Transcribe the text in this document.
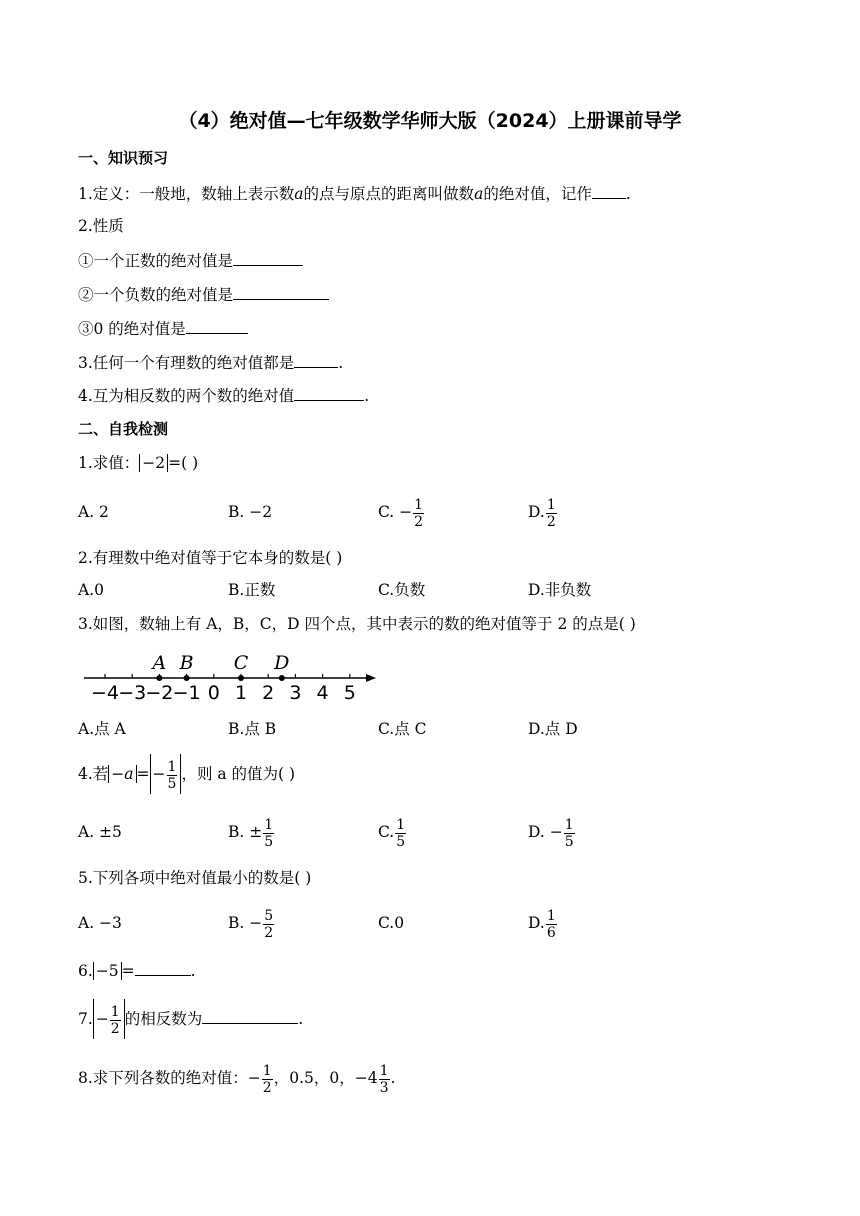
（4）绝对值—七年级数学华师大版（2024）上册课前导学
一、知识预习
1.定义：一般地，数轴上表示数a的点与原点的距离叫做数a的绝对值，记作 .
2.性质
①一个正数的绝对值是
②一个负数的绝对值是
③0 的绝对值是
3.任何一个有理数的绝对值都是	.
4.互为相反数的两个数的绝对值	.
二、自我检测
1.求值： −2 =( )
A. 2	B. −2	C. − $\frac{1}{2}$	D. $\frac{1}{2}$
2.有理数中绝对值等于它本身的数是( )
A.0	B.正数	C.负数	D.非负数
3.如图，数轴上有 A，B，C，D 四个点，其中表示的数的绝对值等于 2 的点是( )
−4 −3 −2 −1 0 1 2 3 4 5
A B C D
A.点 A	B.点 B	C.点 C	D.点 D
4.若 −a = − $\frac{1}{5}$ ，则 a 的值为( )
A. ±5	B. ± $\frac{1}{5}$	C. $\frac{1}{5}$	D. − $\frac{1}{5}$
5.下列各项中绝对值最小的数是( )
A. −3	B. − $\frac{5}{2}$	C.0	D. $\frac{1}{6}$
6. −5 =	.
7. − $\frac{1}{2}$ 的相反数为	.
8.求下列各数的绝对值：− $\frac{1}{2}$ ，0.5，0，$-4 \frac{1}{3}$ .
